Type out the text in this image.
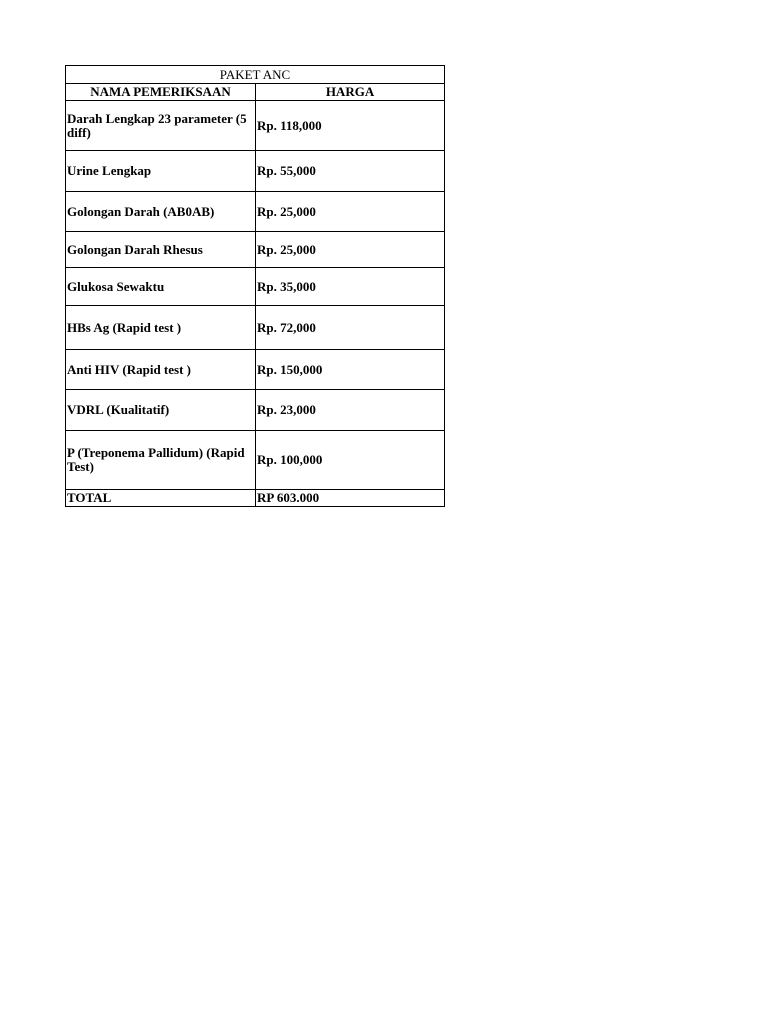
PAKET ANC	
NAMA PEMERIKSAAN	HARGA
Darah Lengkap 23 parameter (5 diff)	Rp. 118,000
Urine Lengkap	Rp. 55,000
Golongan Darah (AB0AB)	Rp. 25,000
Golongan Darah Rhesus	Rp. 25,000
Glukosa Sewaktu	Rp. 35,000
HBs Ag (Rapid test )	Rp. 72,000
Anti HIV (Rapid test )	Rp. 150,000
VDRL (Kualitatif)	Rp. 23,000
P (Treponema Pallidum) (Rapid Test)	Rp. 100,000
TOTAL	RP 603.000
